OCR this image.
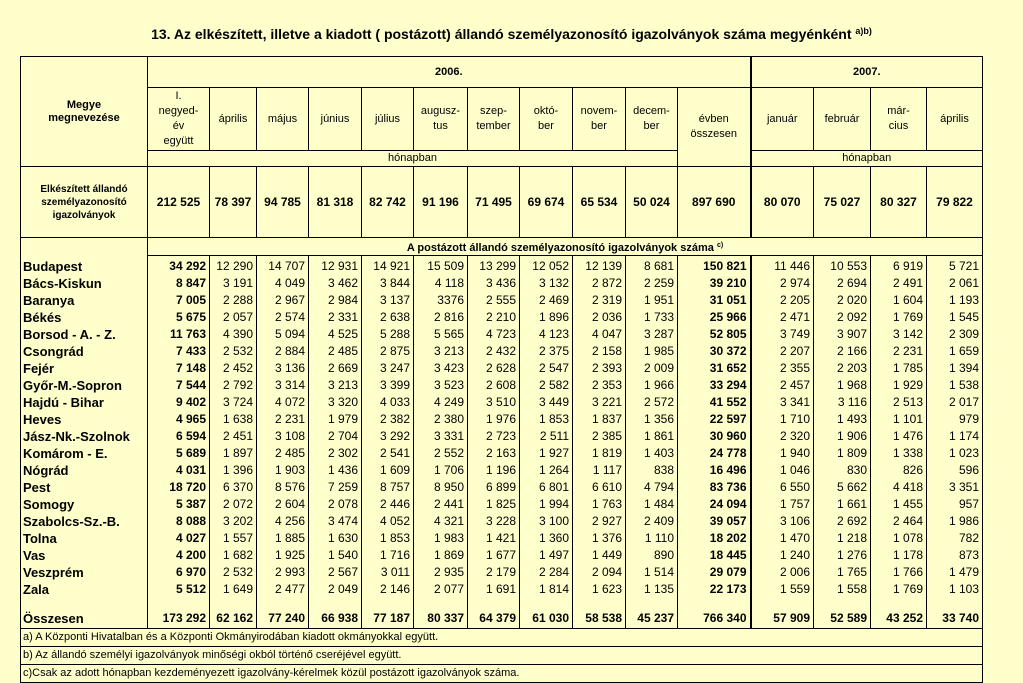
13. Az elkészített, illetve a kiadott ( postázott) állandó személyazonosító igazolványok száma megyénként $^{a)b)}$
Megye
megnevezése	2006.											2007.			
	I.
negyed-
év
együtt	április	május	június	július	augusz-
tus	szep-
tember	októ-
ber	novem-
ber	decem-
ber	évben
összesen	január	február	már-
cius	április
	hónapban											hónapban			
Elkészített állandó
személyazonosító
igazolványok	212 525	78 397	94 785	81 318	82 742	91 196	71 495	69 674	65 534	50 024	897 690	80 070	75 027	80 327	79 822
	A postázott állandó személyazonosító igazolványok száma $^{c)}$
Budapest	34 292	12 290	14 707	12 931	14 921	15 509	13 299	12 052	12 139	8 681	150 821	11 446	10 553	6 919	5 721
Bács-Kiskun	8 847	3 191	4 049	3 462	3 844	4 118	3 436	3 132	2 872	2 259	39 210	2 974	2 694	2 491	2 061
Baranya	7 005	2 288	2 967	2 984	3 137	3376	2 555	2 469	2 319	1 951	31 051	2 205	2 020	1 604	1 193
Békés	5 675	2 057	2 574	2 331	2 638	2 816	2 210	1 896	2 036	1 733	25 966	2 471	2 092	1 769	1 545
Borsod - A. - Z.	11 763	4 390	5 094	4 525	5 288	5 565	4 723	4 123	4 047	3 287	52 805	3 749	3 907	3 142	2 309
Csongrád	7 433	2 532	2 884	2 485	2 875	3 213	2 432	2 375	2 158	1 985	30 372	2 207	2 166	2 231	1 659
Fejér	7 148	2 452	3 136	2 669	3 247	3 423	2 628	2 547	2 393	2 009	31 652	2 355	2 203	1 785	1 394
Győr-M.-Sopron	7 544	2 792	3 314	3 213	3 399	3 523	2 608	2 582	2 353	1 966	33 294	2 457	1 968	1 929	1 538
Hajdú - Bihar	9 402	3 724	4 072	3 320	4 033	4 249	3 510	3 449	3 221	2 572	41 552	3 341	3 116	2 513	2 017
Heves	4 965	1 638	2 231	1 979	2 382	2 380	1 976	1 853	1 837	1 356	22 597	1 710	1 493	1 101	979
Jász-Nk.-Szolnok	6 594	2 451	3 108	2 704	3 292	3 331	2 723	2 511	2 385	1 861	30 960	2 320	1 906	1 476	1 174
Komárom - E.	5 689	1 897	2 485	2 302	2 541	2 552	2 163	1 927	1 819	1 403	24 778	1 940	1 809	1 338	1 023
Nógrád	4 031	1 396	1 903	1 436	1 609	1 706	1 196	1 264	1 117	838	16 496	1 046	830	826	596
Pest	18 720	6 370	8 576	7 259	8 757	8 950	6 899	6 801	6 610	4 794	83 736	6 550	5 662	4 418	3 351
Somogy	5 387	2 072	2 604	2 078	2 446	2 441	1 825	1 994	1 763	1 484	24 094	1 757	1 661	1 455	957
Szabolcs-Sz.-B.	8 088	3 202	4 256	3 474	4 052	4 321	3 228	3 100	2 927	2 409	39 057	3 106	2 692	2 464	1 986
Tolna	4 027	1 557	1 885	1 630	1 853	1 983	1 421	1 360	1 376	1 110	18 202	1 470	1 218	1 078	782
Vas	4 200	1 682	1 925	1 540	1 716	1 869	1 677	1 497	1 449	890	18 445	1 240	1 276	1 178	873
Veszprém	6 970	2 532	2 993	2 567	3 011	2 935	2 179	2 284	2 094	1 514	29 079	2 006	1 765	1 766	1 479
Zala	5 512	1 649	2 477	2 049	2 146	2 077	1 691	1 814	1 623	1 135	22 173	1 559	1 558	1 769	1 103

Összesen	173 292	62 162	77 240	66 938	77 187	80 337	64 379	61 030	58 538	45 237	766 340	57 909	52 589	43 252	33 740
a) A Központi Hivatalban és a Központi Okmányirodában kiadott okmányokkal együtt.															
b) Az állandó személyi igazolványok minőségi okból történő cseréjével együtt.															
c)Csak az adott hónapban kezdeményezett igazolvány-kérelmek közül postázott igazolványok száma.															
